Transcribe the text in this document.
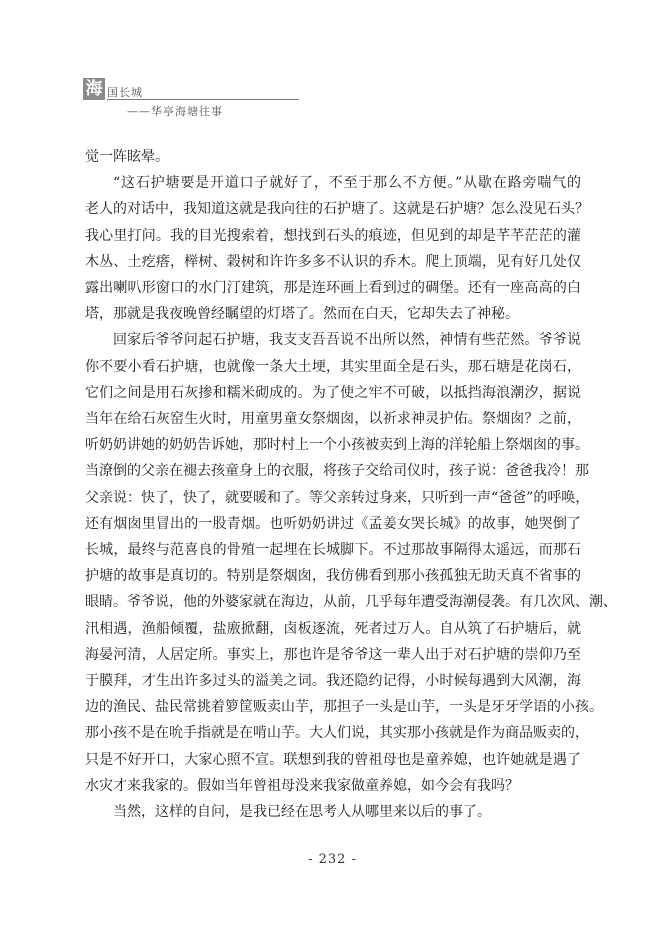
海 国长城
——华亭海塘往事

觉一阵眩晕。

“这石护塘要是开道口子就好了，不至于那么不方便。”从歇在路旁喘气的
老人的对话中，我知道这就是我向往的石护塘了。这就是石护塘？怎么没见石头？
我心里打问。我的目光搜索着，想找到石头的痕迹，但见到的却是芊芊茫茫的灌
木丛、土疙瘩，榉树、榖树和许许多多不认识的乔木。爬上顶端，见有好几处仅
露出喇叭形窗口的水门汀建筑，那是连环画上看到过的碉堡。还有一座高高的白
塔，那就是我夜晚曾经瞩望的灯塔了。然而在白天，它却失去了神秘。

回家后爷爷问起石护塘，我支支吾吾说不出所以然，神情有些茫然。爷爷说
你不要小看石护塘，也就像一条大土埂，其实里面全是石头，那石塘是花岗石，
它们之间是用石灰掺和糯米砌成的。为了使之牢不可破，以抵挡海浪潮汐，据说
当年在给石灰窑生火时，用童男童女祭烟囱，以祈求神灵护佑。祭烟囱？之前，
听奶奶讲她的奶奶告诉她，那时村上一个小孩被卖到上海的洋轮船上祭烟囱的事。
当潦倒的父亲在褪去孩童身上的衣服，将孩子交给司仪时，孩子说：爸爸我冷！那
父亲说：快了，快了，就要暖和了。等父亲转过身来，只听到一声“爸爸”的呼唤，
还有烟囱里冒出的一股青烟。也听奶奶讲过《孟姜女哭长城》的故事，她哭倒了
长城，最终与范喜良的骨殖一起埋在长城脚下。不过那故事隔得太遥远，而那石
护塘的故事是真切的。特别是祭烟囱，我仿佛看到那小孩孤独无助天真不省事的
眼睛。爷爷说，他的外婆家就在海边，从前，几乎每年遭受海潮侵袭。有几次风、潮、
汛相遇，渔船倾覆，盐廒掀翻，卤板逐流，死者过万人。自从筑了石护塘后，就
海晏河清，人居定所。事实上，那也许是爷爷这一辈人出于对石护塘的崇仰乃至
于膜拜，才生出许多过头的溢美之词。我还隐约记得，小时候每遇到大风潮，海
边的渔民、盐民常挑着箩筐贩卖山芋，那担子一头是山芋，一头是牙牙学语的小孩。
那小孩不是在吮手指就是在啃山芋。大人们说，其实那小孩就是作为商品贩卖的，
只是不好开口，大家心照不宣。联想到我的曾祖母也是童养媳，也许她就是遇了
水灾才来我家的。假如当年曾祖母没来我家做童养媳，如今会有我吗？

当然，这样的自问，是我已经在思考人从哪里来以后的事了。

- 232 -
